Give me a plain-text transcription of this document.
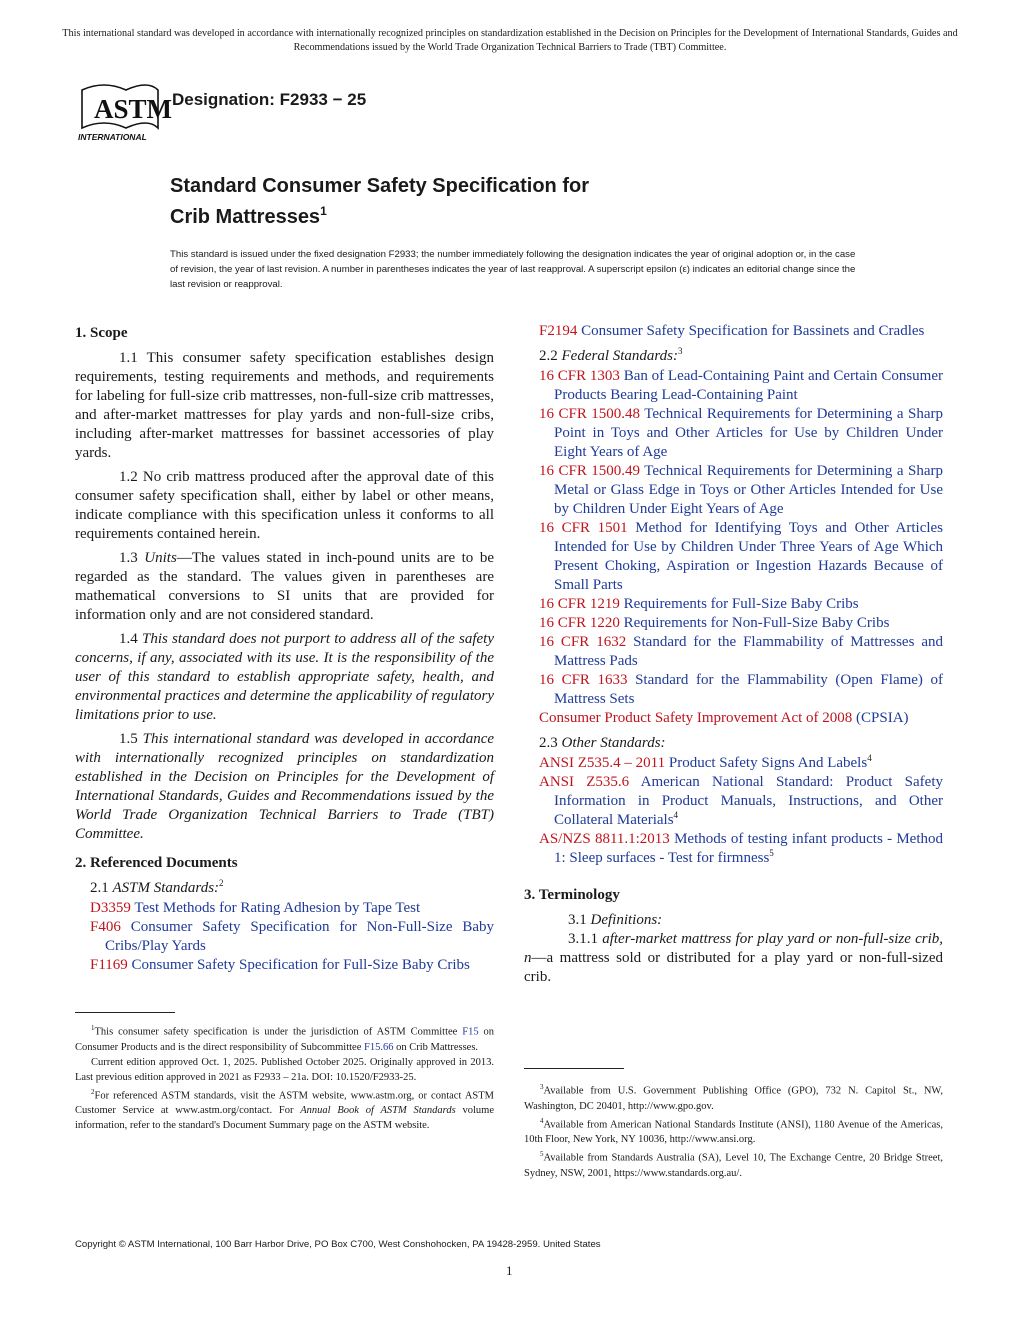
This international standard was developed in accordance with internationally recognized principles on standardization established in the Decision on Principles for the Development of International Standards, Guides and Recommendations issued by the World Trade Organization Technical Barriers to Trade (TBT) Committee.
ASTM
INTERNATIONAL
Designation: F2933 − 25
Standard Consumer Safety Specification for
Crib Mattresses$^1$
This standard is issued under the fixed designation F2933; the number immediately following the designation indicates the year of original adoption or, in the case of revision, the year of last revision. A number in parentheses indicates the year of last reapproval. A superscript epsilon (ε) indicates an editorial change since the last revision or reapproval.
1. Scope

1.1 This consumer safety specification establishes design requirements, testing requirements and methods, and requirements for labeling for full-size crib mattresses, non-full-size crib mattresses, and after-market mattresses for play yards and non-full-size cribs, including after-market mattresses for bassinet accessories of play yards.

1.2 No crib mattress produced after the approval date of this consumer safety specification shall, either by label or other means, indicate compliance with this specification unless it conforms to all requirements contained herein.

1.3 Units—The values stated in inch-pound units are to be regarded as the standard. The values given in parentheses are mathematical conversions to SI units that are provided for information only and are not considered standard.

1.4 This standard does not purport to address all of the safety concerns, if any, associated with its use. It is the responsibility of the user of this standard to establish appropriate safety, health, and environmental practices and determine the applicability of regulatory limitations prior to use.

1.5 This international standard was developed in accordance with internationally recognized principles on standardization established in the Decision on Principles for the Development of International Standards, Guides and Recommendations issued by the World Trade Organization Technical Barriers to Trade (TBT) Committee.

2. Referenced Documents
2.1 ASTM Standards:$^2$

D3359 Test Methods for Rating Adhesion by Tape Test

F406 Consumer Safety Specification for Non-Full-Size Baby Cribs/Play Yards

F1169 Consumer Safety Specification for Full-Size Baby Cribs

$^1$This consumer safety specification is under the jurisdiction of ASTM Committee F15 on Consumer Products and is the direct responsibility of Subcommittee F15.66 on Crib Mattresses.

Current edition approved Oct. 1, 2025. Published October 2025. Originally approved in 2013. Last previous edition approved in 2021 as F2933 – 21a. DOI: 10.1520/F2933-25.

$^2$For referenced ASTM standards, visit the ASTM website, www.astm.org, or contact ASTM Customer Service at www.astm.org/contact. For Annual Book of ASTM Standards volume information, refer to the standard's Document Summary page on the ASTM website.

F2194 Consumer Safety Specification for Bassinets and Cradles

2.2 Federal Standards:$^3$

16 CFR 1303 Ban of Lead-Containing Paint and Certain Consumer Products Bearing Lead-Containing Paint

16 CFR 1500.48 Technical Requirements for Determining a Sharp Point in Toys and Other Articles for Use by Children Under Eight Years of Age

16 CFR 1500.49 Technical Requirements for Determining a Sharp Metal or Glass Edge in Toys or Other Articles Intended for Use by Children Under Eight Years of Age

16 CFR 1501 Method for Identifying Toys and Other Articles Intended for Use by Children Under Three Years of Age Which Present Choking, Aspiration or Ingestion Hazards Because of Small Parts

16 CFR 1219 Requirements for Full-Size Baby Cribs

16 CFR 1220 Requirements for Non-Full-Size Baby Cribs

16 CFR 1632 Standard for the Flammability of Mattresses and Mattress Pads

16 CFR 1633 Standard for the Flammability (Open Flame) of Mattress Sets

Consumer Product Safety Improvement Act of 2008 (CPSIA)

2.3 Other Standards:

ANSI Z535.4 – 2011 Product Safety Signs And Labels$^4$

ANSI Z535.6 American National Standard: Product Safety Information in Product Manuals, Instructions, and Other Collateral Materials$^4$

AS/NZS 8811.1:2013 Methods of testing infant products - Method 1: Sleep surfaces - Test for firmness$^5$

3. Terminology
3.1 Definitions:

3.1.1 after-market mattress for play yard or non-full-size crib, n—a mattress sold or distributed for a play yard or non-full-sized crib.

$^3$Available from U.S. Government Publishing Office (GPO), 732 N. Capitol St., NW, Washington, DC 20401, http://www.gpo.gov.

$^4$Available from American National Standards Institute (ANSI), 1180 Avenue of the Americas, 10th Floor, New York, NY 10036, http://www.ansi.org.

$^5$Available from Standards Australia (SA), Level 10, The Exchange Centre, 20 Bridge Street, Sydney, NSW, 2001, https://www.standards.org.au/.

Copyright © ASTM International, 100 Barr Harbor Drive, PO Box C700, West Conshohocken, PA 19428-2959. United States
1
